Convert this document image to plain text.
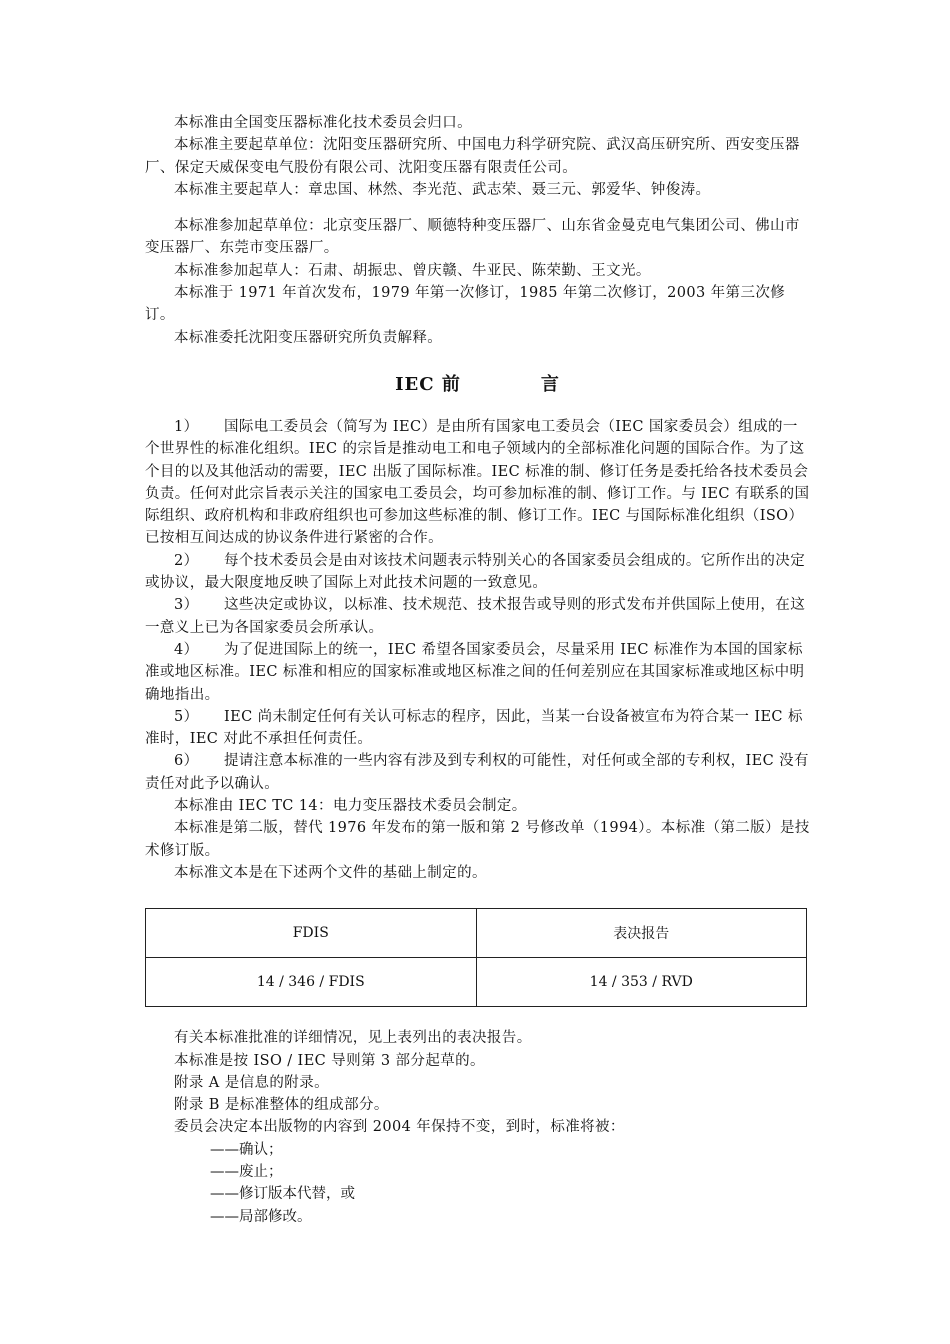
本标准由全国变压器标准化技术委员会归口。

本标准主要起草单位：沈阳变压器研究所、中国电力科学研究院、武汉高压研究所、西安变压器厂、保定天威保变电气股份有限公司、沈阳变压器有限责任公司。

本标准主要起草人：章忠国、林然、李光范、武志荣、聂三元、郭爱华、钟俊涛。

本标准参加起草单位：北京变压器厂、顺德特种变压器厂、山东省金曼克电气集团公司、佛山市变压器厂、东莞市变压器厂。

本标准参加起草人：石肃、胡振忠、曾庆赣、牛亚民、陈荣勤、王文光。

本标准于 1971 年首次发布，1979 年第一次修订，1985 年第二次修订，2003 年第三次修订。

本标准委托沈阳变压器研究所负责解释。

IEC 前	言

1） 国际电工委员会（简写为 IEC）是由所有国家电工委员会（IEC 国家委员会）组成的一个世界性的标准化组织。IEC 的宗旨是推动电工和电子领域内的全部标准化问题的国际合作。为了这个目的以及其他活动的需要，IEC 出版了国际标准。IEC 标准的制、修订任务是委托给各技术委员会负责。任何对此宗旨表示关注的国家电工委员会，均可参加标准的制、修订工作。与 IEC 有联系的国际组织、政府机构和非政府组织也可参加这些标准的制、修订工作。IEC 与国际标准化组织（ISO）已按相互间达成的协议条件进行紧密的合作。

2） 每个技术委员会是由对该技术问题表示特别关心的各国家委员会组成的。它所作出的决定或协议，最大限度地反映了国际上对此技术问题的一致意见。

3） 这些决定或协议，以标准、技术规范、技术报告或导则的形式发布并供国际上使用，在这一意义上已为各国家委员会所承认。

4） 为了促进国际上的统一，IEC 希望各国家委员会，尽量采用 IEC 标准作为本国的国家标准或地区标准。IEC 标准和相应的国家标准或地区标准之间的任何差别应在其国家标准或地区标中明确地指出。

5） IEC 尚未制定任何有关认可标志的程序，因此，当某一台设备被宣布为符合某一 IEC 标准时，IEC 对此不承担任何责任。

6） 提请注意本标准的一些内容有涉及到专利权的可能性，对任何或全部的专利权，IEC 没有责任对此予以确认。

本标准由 IEC TC 14：电力变压器技术委员会制定。

本标准是第二版，替代 1976 年发布的第一版和第 2 号修改单（1994）。本标准（第二版）是技术修订版。

本标准文本是在下述两个文件的基础上制定的。

FDIS	表决报告
14 / 346 / FDIS	14 / 353 / RVD

有关本标准批准的详细情况，见上表列出的表决报告。

本标准是按 ISO / IEC 导则第 3 部分起草的。

附录 A 是信息的附录。

附录 B 是标准整体的组成部分。

委员会决定本出版物的内容到 2004 年保持不变，到时，标准将被：

——确认；

——废止；

——修订版本代替，或

——局部修改。
